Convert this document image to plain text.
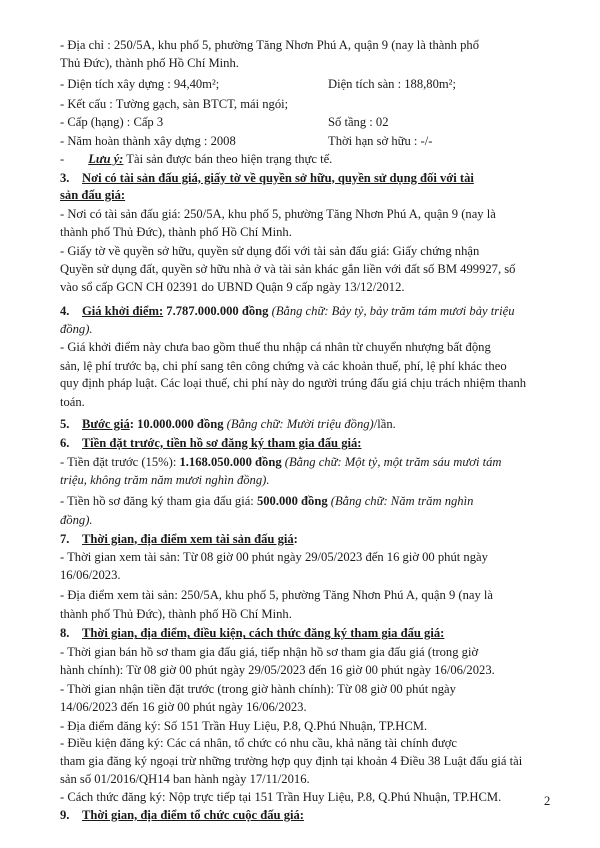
- Địa chỉ : 250/5A, khu phố 5, phường Tăng Nhơn Phú A, quận 9 (nay là thành phố
Thủ Đức), thành phố Hồ Chí Minh.
- Diện tích xây dựng : 94,40m²;	Diện tích sàn : 188,80m²;
- Kết cấu : Tường gạch, sàn BTCT, mái ngói;
- Cấp (hạng) : Cấp 3	Số tầng : 02
- Năm hoàn thành xây dựng : 2008	Thời hạn sở hữu : -/-
- Lưu ý: Tài sản được bán theo hiện trạng thực tế.
3. Nơi có tài sản đấu giá, giấy tờ về quyền sở hữu, quyền sử dụng đối với tài
sản đấu giá:
- Nơi có tài sản đấu giá: 250/5A, khu phố 5, phường Tăng Nhơn Phú A, quận 9 (nay là
thành phố Thủ Đức), thành phố Hồ Chí Minh.
- Giấy tờ về quyền sở hữu, quyền sử dụng đối với tài sản đấu giá: Giấy chứng nhận
Quyền sử dụng đất, quyền sở hữu nhà ở và tài sản khác gắn liền với đất số BM 499927, số
vào sổ cấp GCN CH 02391 do UBND Quận 9 cấp ngày 13/12/2012.
4. Giá khởi điểm: 7.787.000.000 đồng (Bằng chữ: Bảy tỷ, bảy trăm tám mươi bảy triệu
đồng).
- Giá khởi điểm này chưa bao gồm thuế thu nhập cá nhân từ chuyển nhượng bất động
sản, lệ phí trước bạ, chi phí sang tên công chứng và các khoản thuế, phí, lệ phí khác theo
quy định pháp luật. Các loại thuế, chi phí này do người trúng đấu giá chịu trách nhiệm thanh
toán.
5. Bước giá: 10.000.000 đồng (Bằng chữ: Mười triệu đồng)/lần.
6. Tiền đặt trước, tiền hồ sơ đăng ký tham gia đấu giá:
- Tiền đặt trước (15%): 1.168.050.000 đồng (Bằng chữ: Một tỷ, một trăm sáu mươi tám
triệu, không trăm năm mươi nghìn đồng).
- Tiền hồ sơ đăng ký tham gia đấu giá: 500.000 đồng (Bằng chữ: Năm trăm nghìn
đồng).
7. Thời gian, địa điểm xem tài sản đấu giá:
- Thời gian xem tài sản: Từ 08 giờ 00 phút ngày 29/05/2023 đến 16 giờ 00 phút ngày
16/06/2023.
- Địa điểm xem tài sản: 250/5A, khu phố 5, phường Tăng Nhơn Phú A, quận 9 (nay là
thành phố Thủ Đức), thành phố Hồ Chí Minh.
8. Thời gian, địa điểm, điều kiện, cách thức đăng ký tham gia đấu giá:
- Thời gian bán hồ sơ tham gia đấu giá, tiếp nhận hồ sơ tham gia đấu giá (trong giờ
hành chính): Từ 08 giờ 00 phút ngày 29/05/2023 đến 16 giờ 00 phút ngày 16/06/2023.
- Thời gian nhận tiền đặt trước (trong giờ hành chính): Từ 08 giờ 00 phút ngày
14/06/2023 đến 16 giờ 00 phút ngày 16/06/2023.
- Địa điểm đăng ký: Số 151 Trần Huy Liệu, P.8, Q.Phú Nhuận, TP.HCM.
- Điều kiện đăng ký: Các cá nhân, tổ chức có nhu cầu, khả năng tài chính được
tham gia đăng ký ngoại trừ những trường hợp quy định tại khoản 4 Điều 38 Luật đấu giá tài
sản số 01/2016/QH14 ban hành ngày 17/11/2016.
- Cách thức đăng ký: Nộp trực tiếp tại 151 Trần Huy Liệu, P.8, Q.Phú Nhuận, TP.HCM.	2
9. Thời gian, địa điểm tổ chức cuộc đấu giá:
